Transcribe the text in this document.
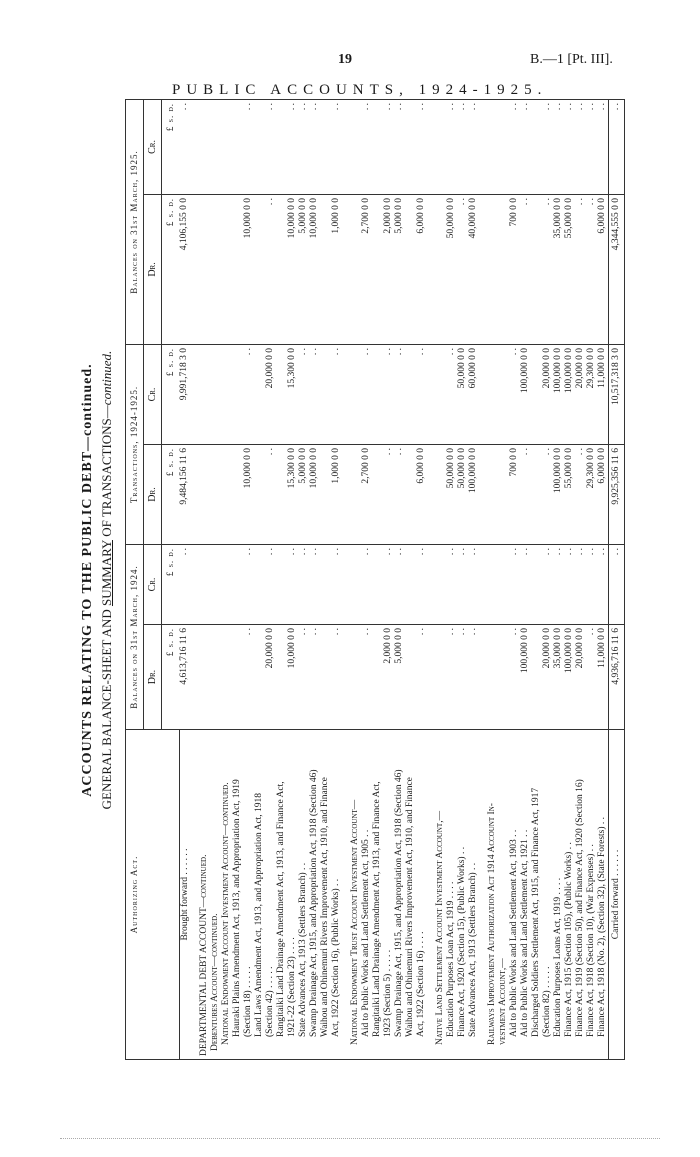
19	B.—1 [Pt. III].
PUBLIC ACCOUNTS, 1924-1925.
ACCOUNTS RELATING TO THE PUBLIC DEBT—continued. GENERAL BALANCE-SHEET AND SUMMARY OF TRANSACTIONS—continued.
Authorizing Act.	Balances on 31st March, 1924.		Transactions, 1924-1925.		Balances on 31st March, 1925.	
	Dr.	Cr.	Dr.	Cr.	Dr.	Cr.
	£ s. d.	£ s. d.	£ s. d.	£ s. d.	£ s. d.	£ s. d.
Brought forward . . . . . .	4,613,716 11 6	. .	9,484,156 11 6	9,991,718 3 0	4,106,155 0 0	. .

DEPARTMENTAL DEBT ACCOUNT—continued.						
Debentures Account—continued.						
National Endowment Account Investment Account—continued.						
Hauraki Plains Amendment Act, 1913, and Appropriation Act, 1919						
(Section 18) . . . . .	. .	. .	10,000 0 0	. .	10,000 0 0	. .
Land Laws Amendment Act, 1913, and Appropriation Act, 1918						
(Section 42) . . . . .	20,000 0 0	. .	. .	20,000 0 0	. .	. .
Rangitaiki Land Drainage Amendment Act, 1913, and Finance Act,						
1921-22 (Section 23) . . . .	10,000 0 0	. .	15,300 0 0	15,300 0 0	10,000 0 0	. .
State Advances Act, 1913 (Settlers Branch) . .	. .	. .	5,000 0 0	. .	5,000 0 0	. .
Swamp Drainage Act, 1915, and Appropriation Act, 1918 (Section 46)	. .	. .	10,000 0 0	. .	10,000 0 0	. .
Waihou and Ohinemuri Rivers Improvement Act, 1910, and Finance						
Act, 1922 (Section 16), (Public Works) . .	. .	. .	1,000 0 0	. .	1,000 0 0	. .

National Endowment Trust Account Investment Account—						
Aid to Public Works and Land Settlement Act, 1905 . .	. .	. .	2,700 0 0	. .	2,700 0 0	. .
Rangitaiki Land Drainage Amendment Act, 1913, and Finance Act,						
1923 (Section 5) . . . . .	2,000 0 0	. .	. .	. .	2,000 0 0	. .
Swamp Drainage Act, 1915, and Appropriation Act, 1918 (Section 46)	5,000 0 0	. .	. .	. .	5,000 0 0	. .
Waihou and Ohinemuri Rivers Improvement Act, 1910, and Finance						
Act, 1922 (Section 16) . . . .	. .	. .	6,000 0 0	. .	6,000 0 0	. .

Native Land Settlement Account Investment Account,—						
Education Purposes Loan Act, 1919 . . . .	. .	. .	50,000 0 0	. .	50,000 0 0	. .
Finance Act, 1920 (Section 15), (Public Works) . .	. .	. .	50,000 0 0	50,000 0 0	. .	. .
State Advances Act, 1913 (Settlers Branch) . .	. .	. .	100,000 0 0	60,000 0 0	40,000 0 0	. .

Railways Improvement Authorization Act 1914 Account In-						
vestment Account,—						
Aid to Public Works and Land Settlement Act, 1903 . .	. .	. .	700 0 0	. .	700 0 0	. .
Aid to Public Works and Land Settlement Act, 1921 . .	100,000 0 0	. .	. .	100,000 0 0	. .	. .
Discharged Soldiers Settlement Act, 1915, and Finance Act, 1917						
(Section 82) . . . . .	20,000 0 0	. .	. .	20,000 0 0	. .	. .
Education Purposes Loans Act, 1919 . . . .	35,000 0 0	. .	100,000 0 0	100,000 0 0	35,000 0 0	. .
Finance Act, 1915 (Section 105), (Public Works) . .	100,000 0 0	. .	55,000 0 0	100,000 0 0	55,000 0 0	. .
Finance Act, 1919 (Section 50), and Finance Act, 1920 (Section 16)	20,000 0 0	. .	. .	20,000 0 0	. .	. .
Finance Act, 1918 (Section 10), (War Expenses) . .	. .	. .	29,300 0 0	29,300 0 0	. .	. .
Finance Act, 1918 (No. 2), (Section 32), (State Forests) . .	11,000 0 0	. .	6,000 0 0	11,000 0 0	6,000 0 0	. .
Carried forward . . . . . .	4,936,716 11 6	. .	9,925,356 11 6	10,517,318 3 0	4,344,555 0 0	. .
